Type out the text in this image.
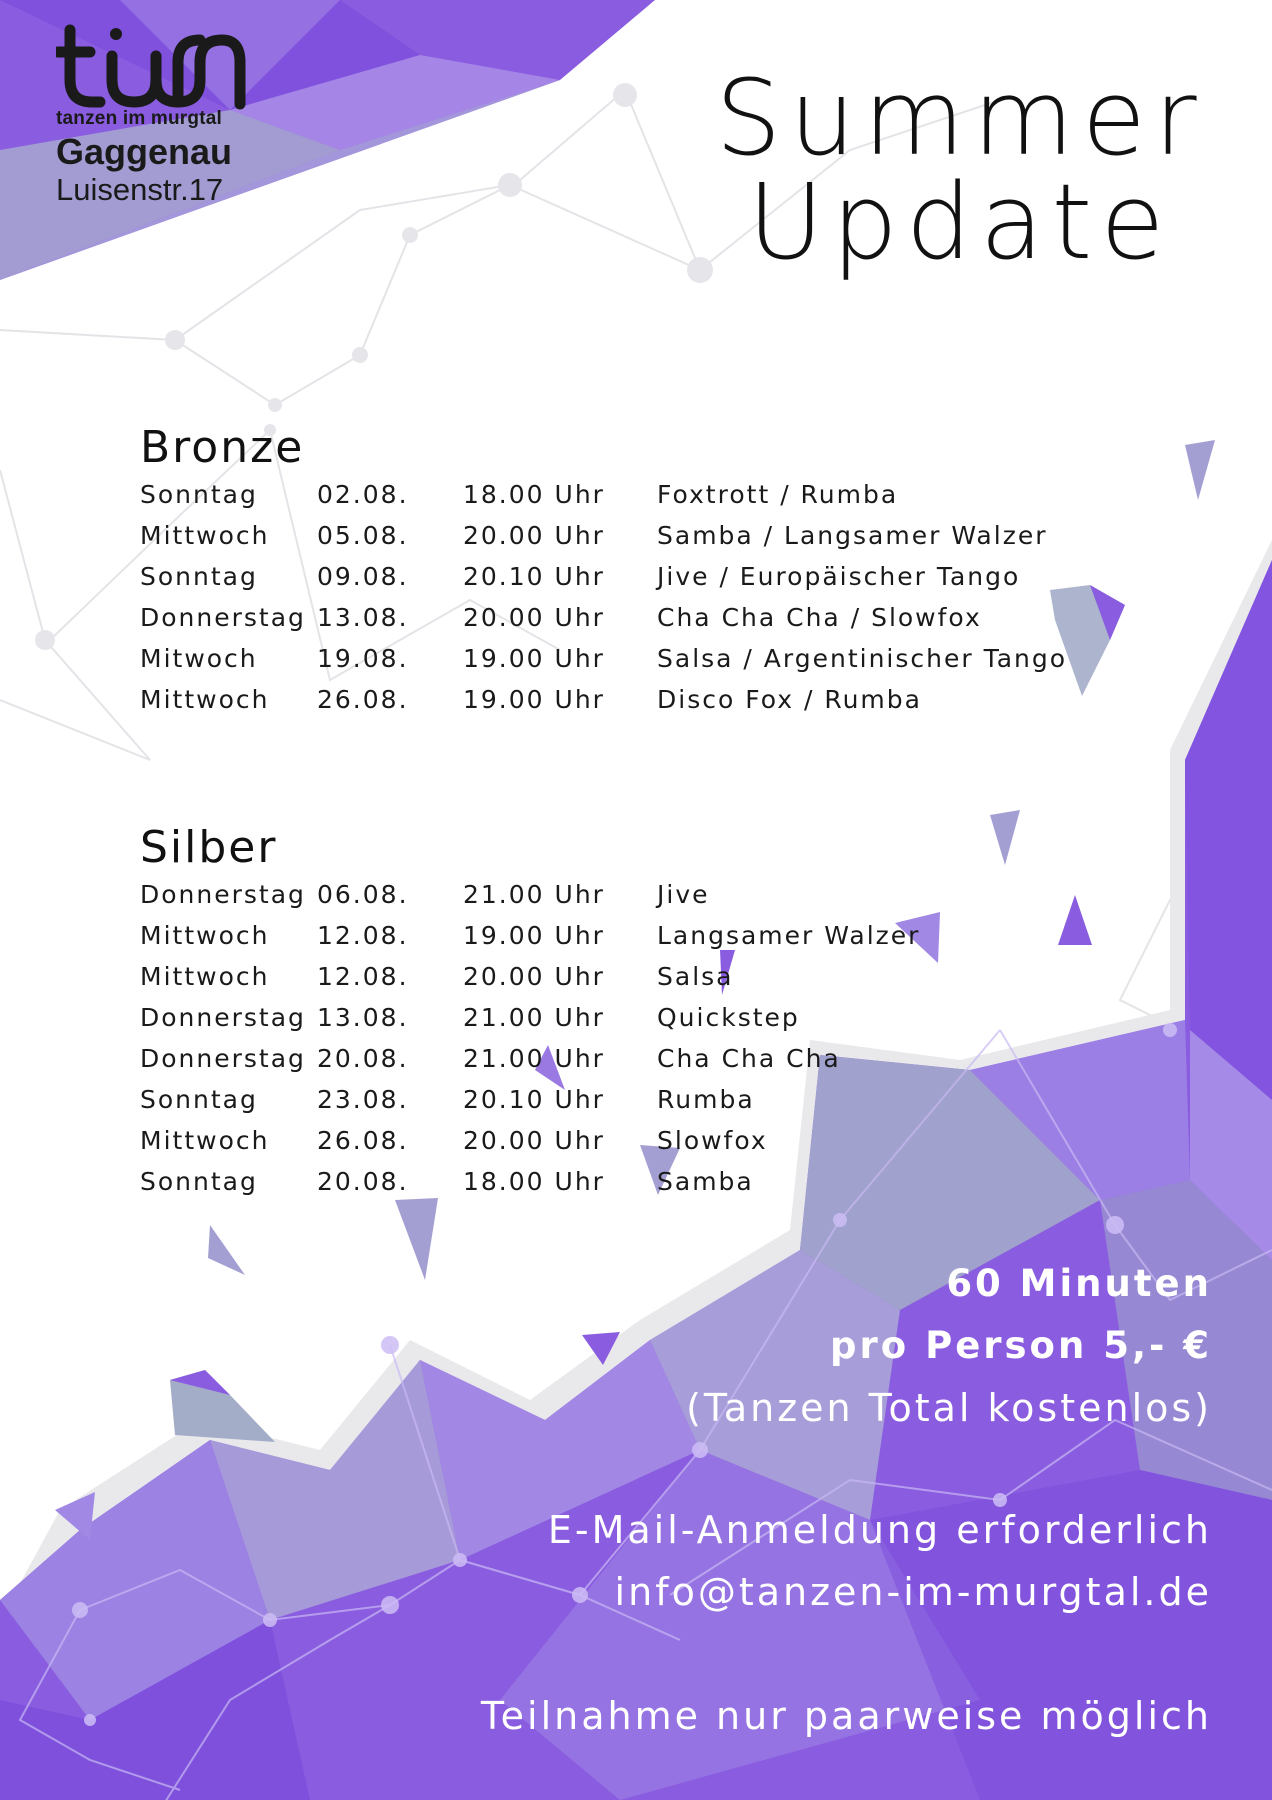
tanzen im murgtal
Gaggenau
Luisenstr.17
Summer
Update
Bronze
Sonntag 02.08. 18.00 Uhr Foxtrott / Rumba
Mittwoch 05.08. 20.00 Uhr Samba / Langsamer Walzer
Sonntag 09.08. 20.10 Uhr Jive / Europäischer Tango
Donnerstag 13.08. 20.00 Uhr Cha Cha Cha / Slowfox
Mitwoch 19.08. 19.00 Uhr Salsa / Argentinischer Tango
Mittwoch 26.08. 19.00 Uhr Disco Fox / Rumba
Silber
Donnerstag 06.08. 21.00 Uhr Jive
Mittwoch 12.08. 19.00 Uhr Langsamer Walzer
Mittwoch 12.08. 20.00 Uhr Salsa
Donnerstag 13.08. 21.00 Uhr Quickstep
Donnerstag 20.08. 21.00 Uhr Cha Cha Cha
Sonntag 23.08. 20.10 Uhr Rumba
Mittwoch 26.08. 20.00 Uhr Slowfox
Sonntag 20.08. 18.00 Uhr Samba
60 Minuten
pro Person 5,- €
(Tanzen Total kostenlos)
E-Mail-Anmeldung erforderlich
info@tanzen-im-murgtal.de
Teilnahme nur paarweise möglich
